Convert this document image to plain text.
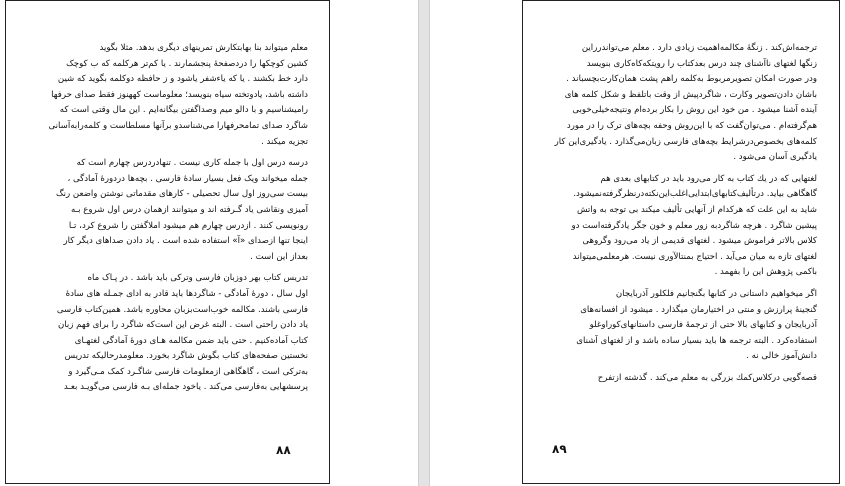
معلم میتواند بنا بهابتکارش تمرینهای دیگری بدهد. مثلا بگوید
کشین کوچکها را دردصفحهٔ پنجشمارند . یا کم‌تر هرکلمه که ب کوچک
دارد خط بکشند . یا که یاءشفر یاشود و ز حافظه دوکلمه بگوید که شین
داشته باشد، یادوتخته سیاه بنویسد؛ معلوماست کههنوز فقط صداى حرفها
رامیشناسیم و با دالو میم وصداگفتن بیگانه‌ایم . این مال وقتی است که
شاگرد صدای تمامحرفهارا می‌شناسدو برآنها مسلطاست و کلمه‌رابه‌آسانی
تجزیه میکند .

درسه درس اول با جمله کاری نیست . تنهادردرس چهارم است که
جمله میخواند ویک فعل بسیار سادهٔ فارسی . بچه‌ها دردورهٔ آمادگی ،
بیست سی‌روز اول سال تحصیلی - کارهای مقدماتی نوشتن واضعن رنگ
آمیزی ونقاشی یاد گـرفته اند و میتوانند ازهمان درس اول شروع بـه
رونویسی کنند . ازدرس چهارم هم میشود املاگفتن را شروع کرد، تـا
اینجا تنها ازصدای «آ» استفاده شده است . یاد دادن صداهای دیگر کار
بعداز این است .

تدریس کتاب بهر دوزبان فارسی وترکی باید باشد . در پـاک ماه
اول سال ، دورهٔ آمادگی - شاگردها باید قادر به ادای جمـله های سادهٔ
فارسی باشند. مکالمه خوب‌است‌بزبان محاوره باشد. همین‌کتاب فارسی
یاد دادن راحتی است . البته غرض این است‌که شاگرد را برای فهم زبان
کتاب آماده‌کنیم . حتی باید ضمن مکالمه هـای دورهٔ آمادگی لغتهـای
نخستین صفحه‌های کتاب بگوش شاگرد بخورد. معلومدرحالیکه تدریس
به‌ترکی است ، گاهگاهی ازمعلومات فارسی شاگـرد کمک مـی‌گیرد و
پرسشهایی به‌فارسی می‌کند . یاخود جمله‌ای بـه فارسی می‌گویـد بعـد

۸۸

ترجمه‌اش‌کند . زنگهٔ مکالمه‌اهمیت زیادی دارد . معلم می‌تواندرراین
زنگها لغتهای ناآشنای چند درس بعدکتاب را رویتکه‌کاه‌کاری بنویسد
ودر صورت امکان تصویرمربوط به‌کلمه راهم پشت همان‌کارت‌بچسباند .
باشان دادن‌تصویر وکارت ، شاگردپیش از وقت باتلفظ و شکل کلمه های
آینده آشنا میشود . من خود این روش را بکار برده‌ام ونتیجه‌خیلی‌خوبی
هم‌گرفته‌ام . می‌توان‌گفت که با این‌روش وحفه بچه‌های ترک را در مورد
کلمه‌های بخصوص‌درشرایط بچه‌های فارسی زبان‌می‌گذارد . یادگیری‌این کار
یادگیری آسان می‌شود .

لغتهایی که در یك کتاب به کار می‌رود باید در کتابهای بعدی هم
گاهگاهی بیاید. درتألیف‌کتابهای‌ابتدایی‌اغلب‌این‌نکته‌درنظرگرفته‌نمیشود.
شاید به این علت که هرکدام از آنهایی تألیف میکند بی توجه به واتش
پیشین شاگرد . هرچه شاگردبه زور معلم و خون جگر یادگرفته‌است دو
کلاس بالاتر فراموش میشود . لغتهای قدیمی از یاد می‌رود وگروهی
لغتهای تازه به میان می‌آید . احتیاج بمنتالآوری نیست. هرمعلمی‌میتواند
باکمی پژوهش این را بفهمد .

اگر میخواهیم داستانی در کتابها بگنجانیم فلکلور آذربایجان
گنجینهٔ پرارزش و منتی در اختیارمان میگذارد . میشود از افسانه‌های
آذربایجان و کتابهای بالا حتی از ترجمهٔ فارسی داستانهای‌کوراوغلو
استفاده‌کرد . البته ترجمه ها باید بسیار ساده باشد و از لغتهای آشنای
دانش‌آموز خالی نه .

قصه‌گویی درکلاس‌کمك بزرگی به معلم می‌کند . گذشته ازتفرح

۸۹
